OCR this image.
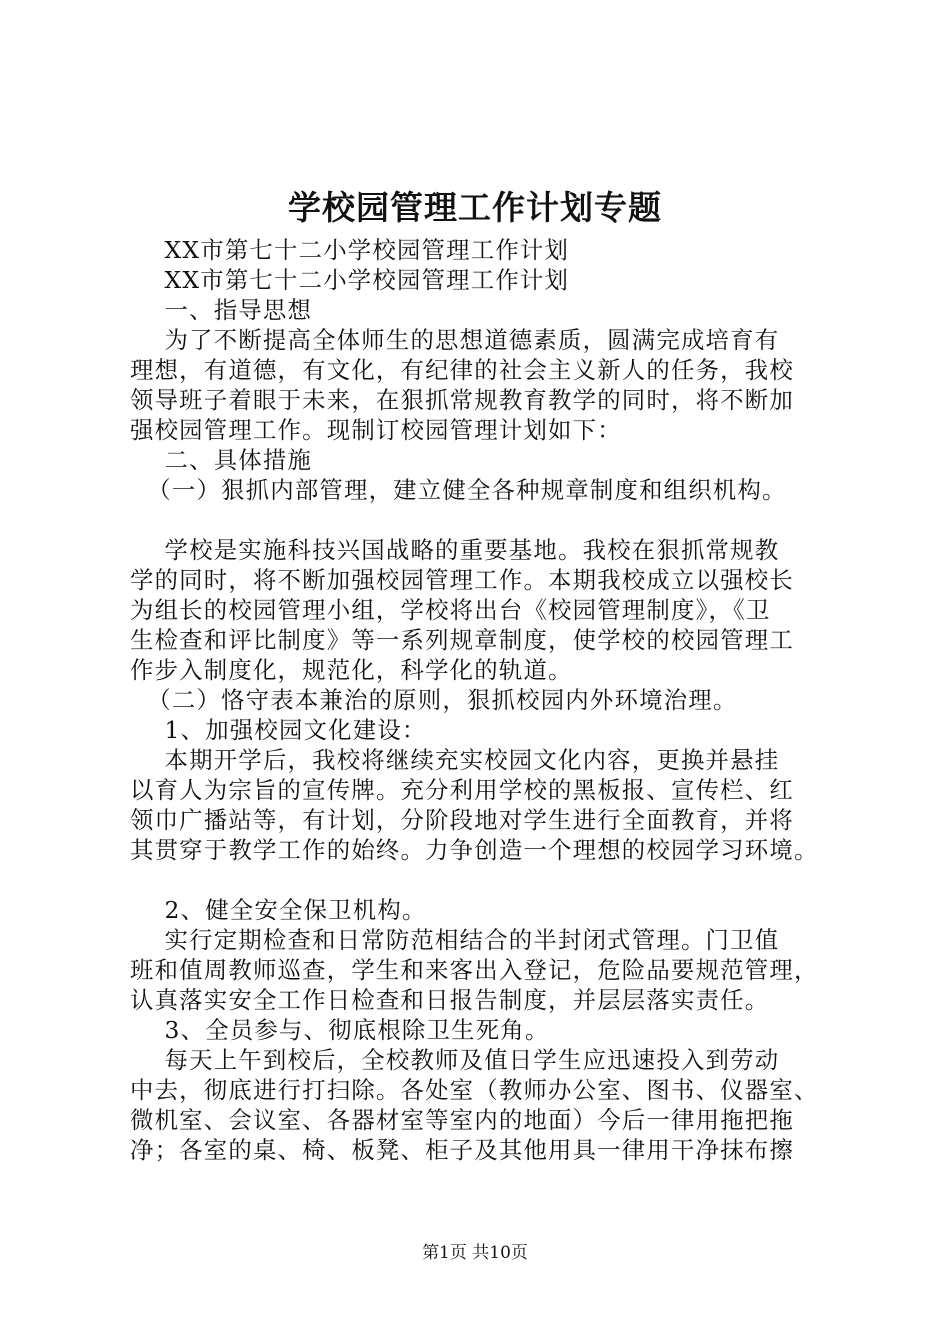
学校园管理工作计划专题

XX市第七十二小学校园管理工作计划

XX市第七十二小学校园管理工作计划

一、指导思想

为了不断提高全体师生的思想道德素质，圆满完成培育有

理想，有道德，有文化，有纪律的社会主义新人的任务，我校

领导班子着眼于未来，在狠抓常规教育教学的同时，将不断加

强校园管理工作。现制订校园管理计划如下：

二、具体措施

（一）狠抓内部管理，建立健全各种规章制度和组织机构。

学校是实施科技兴国战略的重要基地。我校在狠抓常规教

学的同时，将不断加强校园管理工作。本期我校成立以强校长

为组长的校园管理小组，学校将出台《校园管理制度》，《卫

生检查和评比制度》等一系列规章制度，使学校的校园管理工

作步入制度化，规范化，科学化的轨道。

（二）恪守表本兼治的原则，狠抓校园内外环境治理。

1、加强校园文化建设：

本期开学后，我校将继续充实校园文化内容，更换并悬挂

以育人为宗旨的宣传牌。充分利用学校的黑板报、宣传栏、红

领巾广播站等，有计划，分阶段地对学生进行全面教育，并将

其贯穿于教学工作的始终。力争创造一个理想的校园学习环境。

2、健全安全保卫机构。

实行定期检查和日常防范相结合的半封闭式管理。门卫值

班和值周教师巡查，学生和来客出入登记，危险品要规范管理，

认真落实安全工作日检查和日报告制度，并层层落实责任。

3、全员参与、彻底根除卫生死角。

每天上午到校后，全校教师及值日学生应迅速投入到劳动

中去，彻底进行打扫除。各处室（教师办公室、图书、仪器室、

微机室、会议室、各器材室等室内的地面）今后一律用拖把拖

净；各室的桌、椅、板凳、柜子及其他用具一律用干净抹布擦

第1页 共10页
